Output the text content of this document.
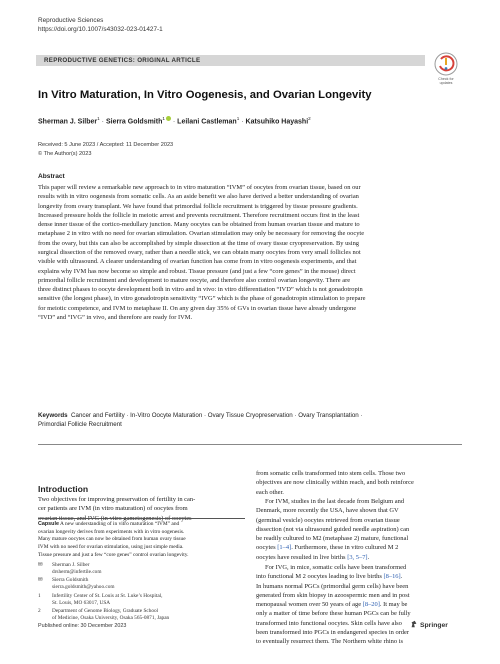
Reproductive Sciences
https://doi.org/10.1007/s43032-023-01427-1
REPRODUCTIVE GENETICS: ORIGINAL ARTICLE
Check for
updates
In Vitro Maturation, In Vitro Oogenesis, and Ovarian Longevity
Sherman J. Silber$^1$ · Sierra Goldsmith$^1$ · Leilani Castleman$^1$ · Katsuhiko Hayashi$^2$
Received: 5 June 2023 / Accepted: 11 December 2023
© The Author(s) 2023
Abstract
This paper will review a remarkable new approach to in vitro maturation “IVM” of oocytes from ovarian tissue, based on our
results with in vitro oogenesis from somatic cells. As an aside benefit we also have derived a better understanding of ovarian
longevity from ovary transplant. We have found that primordial follicle recruitment is triggered by tissue pressure gradients.
Increased pressure holds the follicle in meiotic arrest and prevents recruitment. Therefore recruitment occurs first in the least
dense inner tissue of the cortico-medullary junction. Many oocytes can be obtained from human ovarian tissue and mature to
metaphase 2 in vitro with no need for ovarian stimulation. Ovarian stimulation may only be necessary for removing the oocyte
from the ovary, but this can also be accomplished by simple dissection at the time of ovary tissue cryopreservation. By using
surgical dissection of the removed ovary, rather than a needle stick, we can obtain many oocytes from very small follicles not
visible with ultrasound. A clearer understanding of ovarian function has come from in vitro oogenesis experiments, and that
explains why IVM has now become so simple and robust. Tissue pressure (and just a few “core genes” in the mouse) direct
primordial follicle recruitment and development to mature oocyte, and therefore also control ovarian longevity. There are
three distinct phases to oocyte development both in vitro and in vivo: in vitro differentiation “IVD” which is not gonadotropin
sensitive (the longest phase), in vitro gonadotropin sensitivity “IVG” which is the phase of gonadotropin stimulation to prepare
for meiotic competence, and IVM to metaphase II. On any given day 35% of GVs in ovarian tissue have already undergone
“IVD” and “IVG” in vivo, and therefore are ready for IVM.
Keywords Cancer and Fertility · In-Vitro Oocyte Maturation · Ovary Tissue Cryopreservation · Ovary Transplantation ·
Primordial Follicle Recruitment
Introduction
Two objectives for improving preservation of fertility in can-
cer patients are IVM (in vitro maturation) of oocytes from
ovarian tissue, and IVG (in vitro gametogenesis) of oocytes
Capsule A new understanding of in vitro maturation “IVM” and
ovarian longevity derives from experiments with in vitro oogenesis.
Many mature oocytes can now be obtained from human ovary tissue
IVM with no need for ovarian stimulation, using just simple media.
Tissue pressure and just a few “core genes” control ovarian longevity.
✉ Sherman J. Silber
drsherm@infertile.com
✉ Sierra Goldsmith
sierra.goldsmith@yahoo.com
1 Infertility Center of St. Louis at St. Luke’s Hospital,
St. Louis, MO 63017, USA
2 Department of Genome Biology, Graduate School
of Medicine, Osaka University, Osaka 565-0871, Japan
from somatic cells transformed into stem cells. Those two
objectives are now clinically within reach, and both reinforce
each other.
For IVM, studies in the last decade from Belgium and
Denmark, more recently the USA, have shown that GV
(germinal vesicle) oocytes retrieved from ovarian tissue
dissection (not via ultrasound guided needle aspiration) can
be readily cultured to M2 (metaphase 2) mature, functional
oocytes [1–4]. Furthermore, these in vitro cultured M 2
oocytes have resulted in live births [3, 5–7].
For IVG, in mice, somatic cells have been transformed
into functional M 2 oocytes leading to live births [8–16].
In humans normal PGCs (primordial germ cells) have been
generated from skin biopsy in azoospermic men and in post
menopausal women over 50 years of age [8–20]. It may be
only a matter of time before these human PGCs can be fully
transformed into functional oocytes. Skin cells have also
been transformed into PGCs in endangered species in order
to eventually resurrect them. The Northern white rhino is
Published online: 30 December 2023	Springer
